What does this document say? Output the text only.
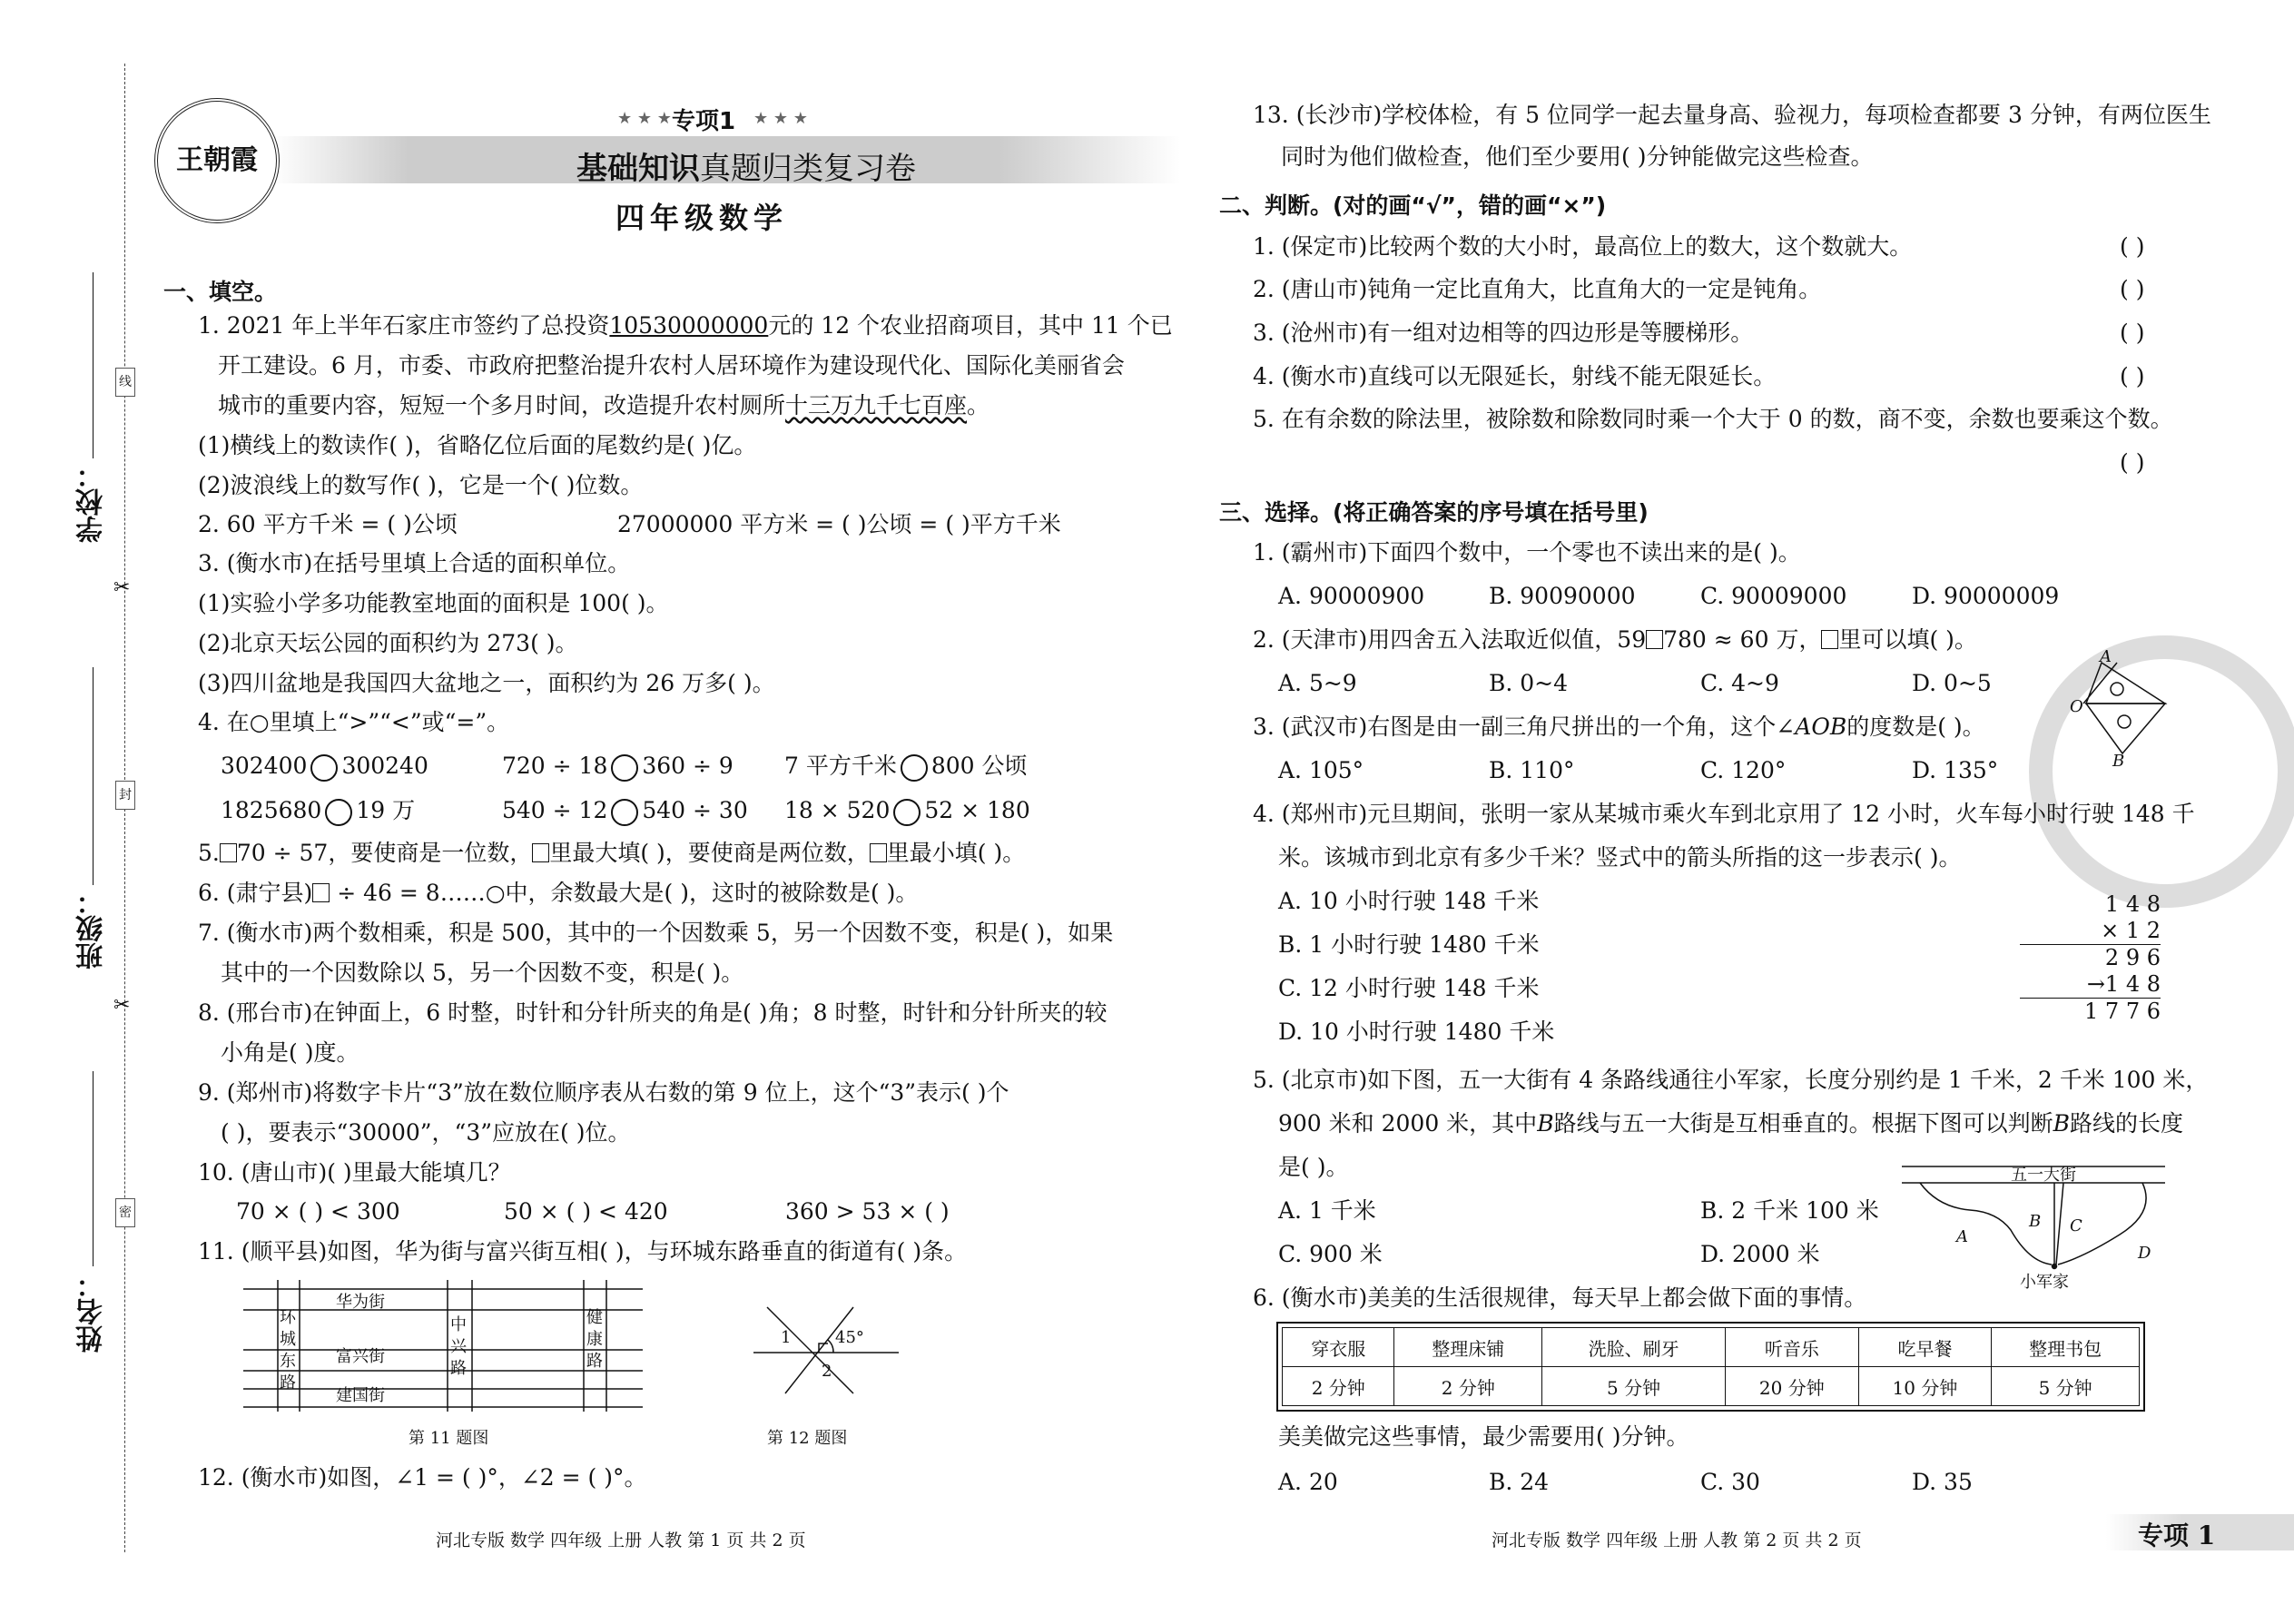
学校：
班级：
姓名：
线
✂
封
✂
密
王朝霞
★ ★ ★ 专项1 ★ ★ ★
基础知识真题归类复习卷
四年级数学
一、填空。
1. 2021 年上半年石家庄市签约了总投资10530000000元的 12 个农业招商项目，其中 11 个已
开工建设。6 月，市委、市政府把整治提升农村人居环境作为建设现代化、国际化美丽省会
城市的重要内容，短短一个多月时间，改造提升农村厕所十三万九千七百座。
(1)横线上的数读作( )，省略亿位后面的尾数约是( )亿。
(2)波浪线上的数写作( )，它是一个( )位数。
2. 60 平方千米 = ( )公顷	27000000 平方米 = ( )公顷 = ( )平方千米
3. (衡水市)在括号里填上合适的面积单位。
(1)实验小学多功能教室地面的面积是 100( )。
(2)北京天坛公园的面积约为 273( )。
(3)四川盆地是我国四大盆地之一，面积约为 26 万多( )。
4. 在○里填上“>”“<”或“=”。
302400 300240	720 ÷ 18 360 ÷ 9 7 平方千米 800 公顷
1825680 19 万	540 ÷ 12 540 ÷ 30 18 × 520 52 × 180
5. 70 ÷ 57，要使商是一位数， 里最大填( )，要使商是两位数， 里最小填( )。
6. (肃宁县) ÷ 46 = 8……○中，余数最大是( )，这时的被除数是( )。
7. (衡水市)两个数相乘，积是 500，其中的一个因数乘 5，另一个因数不变，积是( )，如果
其中的一个因数除以 5，另一个因数不变，积是( )。
8. (邢台市)在钟面上，6 时整，时针和分针所夹的角是( )角；8 时整，时针和分针所夹的较
小角是( )度。
9. (郑州市)将数字卡片“3”放在数位顺序表从右数的第 9 位上，这个“3”表示( )个
( )，要表示“30000”，“3”应放在( )位。
10. (唐山市)( )里最大能填几？
70 × ( ) < 300	50 × ( ) < 420	360 > 53 × ( )
11. (顺平县)如图，华为街与富兴街互相( )，与环城东路垂直的街道有( )条。
华为街
富兴街
建国街
环城东路
中兴路
健康路
第 11 题图
1	45°
2
第 12 题图
12. (衡水市)如图，∠1 = ( )°，∠2 = ( )°。
13. (长沙市)学校体检，有 5 位同学一起去量身高、验视力，每项检查都要 3 分钟，有两位医生
同时为他们做检查，他们至少要用( )分钟能做完这些检查。
二、判断。(对的画“√”，错的画“×”)
1. (保定市)比较两个数的大小时，最高位上的数大，这个数就大。	( )
2. (唐山市)钝角一定比直角大，比直角大的一定是钝角。	( )
3. (沧州市)有一组对边相等的四边形是等腰梯形。	( )
4. (衡水市)直线可以无限延长，射线不能无限延长。	( )
5. 在有余数的除法里，被除数和除数同时乘一个大于 0 的数，商不变，余数也要乘这个数。
( )
三、选择。(将正确答案的序号填在括号里)
1. (霸州市)下面四个数中，一个零也不读出来的是( )。
A. 90000900	B. 90090000	C. 90009000	D. 90000009
2. (天津市)用四舍五入法取近似值，59 780 ≈ 60 万， 里可以填( )。
A. 5~9	B. 0~4	C. 4~9	D. 0~5
3. (武汉市)右图是由一副三角尺拼出的一个角，这个∠AOB的度数是( )。
A. 105°	B. 110°	C. 120°	D. 135°
A
O
B
4. (郑州市)元旦期间，张明一家从某城市乘火车到北京用了 12 小时，火车每小时行驶 148 千
米。该城市到北京有多少千米？竖式中的箭头所指的这一步表示( )。
A. 10 小时行驶 148 千米
B. 1 小时行驶 1480 千米
C. 12 小时行驶 148 千米
D. 10 小时行驶 1480 千米
1 4 8
× 1 2
2 9 6
→1 4 8
1 7 7 6
5. (北京市)如下图，五一大街有 4 条路线通往小军家，长度分别约是 1 千米，2 千米 100 米，
900 米和 2000 米，其中B路线与五一大街是互相垂直的。根据下图可以判断B路线的长度
是( )。
A. 1 千米	B. 2 千米 100 米
C. 900 米	D. 2000 米
五一大街
B C
A
D
小军家
6. (衡水市)美美的生活很规律，每天早上都会做下面的事情。
穿衣服	整理床铺	洗脸、刷牙	听音乐	吃早餐	整理书包
2 分钟	2 分钟	5 分钟	20 分钟	10 分钟	5 分钟
美美做完这些事情，最少需要用( )分钟。
A. 20	B. 24	C. 30	D. 35
河北专版 数学 四年级 上册 人教 第 1 页 共 2 页	河北专版 数学 四年级 上册 人教 第 2 页 共 2 页	专项 1
